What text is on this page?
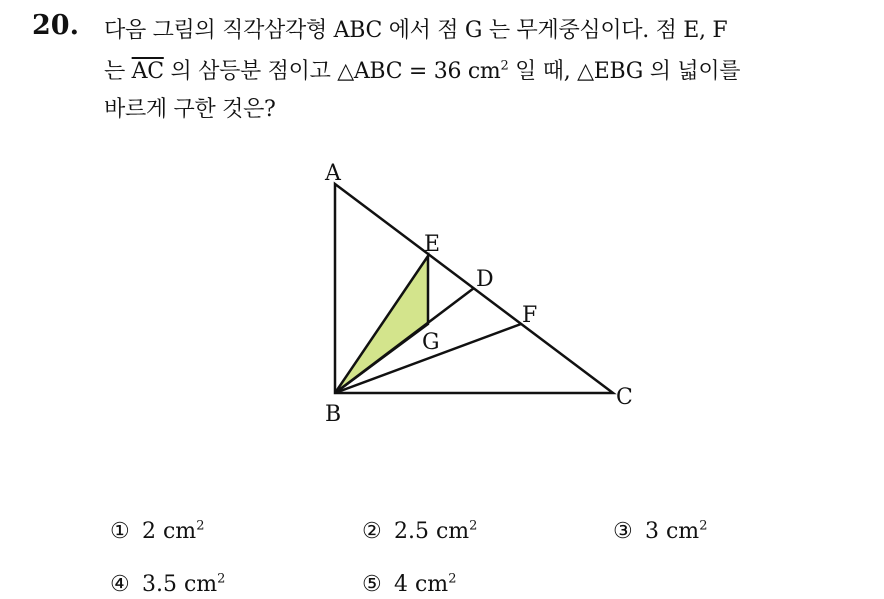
20. 다음 그림의 직각삼각형 ABC 에서 점 G 는 무게중심이다. 점 E, F
는 $\overline{AC}$ 의 삼등분 점이고 △ABC = 36 $cm^2$ 일 때, △EBG 의 넓이를
바르게 구한 것은?
A
B
C
D
E
F
G
① 2 $cm^2$	② 2.5 $cm^2$	③ 3 $cm^2$
④ 3.5 $cm^2$	⑤ 4 $cm^2$
